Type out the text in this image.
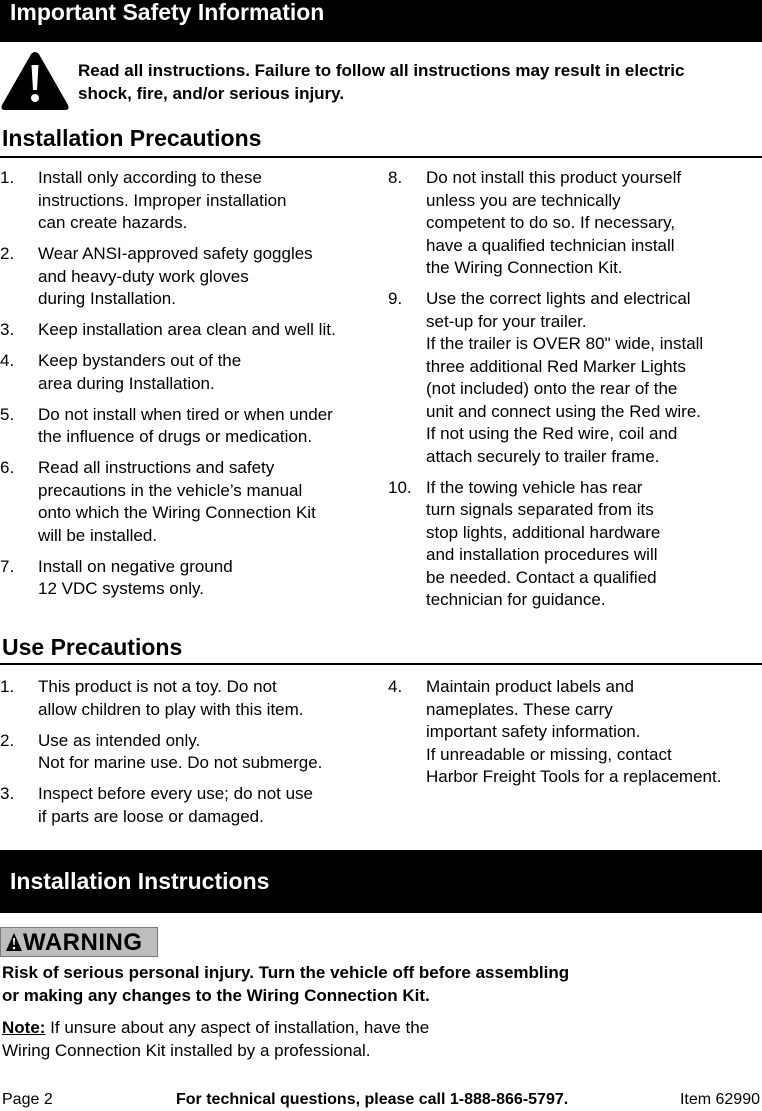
Important Safety Information
Read all instructions. Failure to follow all instructions may result in electric shock, fire, and/or serious injury.
Installation Precautions
1.	Install only according to these
instructions. Improper installation
can create hazards.
2.	Wear ANSI-approved safety goggles
and heavy-duty work gloves
during Installation.
3.	Keep installation area clean and well lit.
4.	Keep bystanders out of the
area during Installation.
5.	Do not install when tired or when under
the influence of drugs or medication.
6.	Read all instructions and safety
precautions in the vehicle’s manual
onto which the Wiring Connection Kit
will be installed.
7.	Install on negative ground
12 VDC systems only.
8.	Do not install this product yourself
unless you are technically
competent to do so. If necessary,
have a qualified technician install
the Wiring Connection Kit.
9.	Use the correct lights and electrical
set-up for your trailer.
If the trailer is OVER 80" wide, install
three additional Red Marker Lights
(not included) onto the rear of the
unit and connect using the Red wire.
If not using the Red wire, coil and
attach securely to trailer frame.
10. If the towing vehicle has rear
turn signals separated from its
stop lights, additional hardware
and installation procedures will
be needed. Contact a qualified
technician for guidance.
Use Precautions
1.	This product is not a toy. Do not
allow children to play with this item.
2.	Use as intended only.
Not for marine use. Do not submerge.
3.	Inspect before every use; do not use
if parts are loose or damaged.
4.	Maintain product labels and
nameplates. These carry
important safety information.
If unreadable or missing, contact
Harbor Freight Tools for a replacement.
Installation Instructions
WARNING
Risk of serious personal injury. Turn the vehicle off before assembling
or making any changes to the Wiring Connection Kit.
Note: If unsure about any aspect of installation, have the
Wiring Connection Kit installed by a professional.
Page 2	For technical questions, please call 1-888-866-5797.	Item 62990
